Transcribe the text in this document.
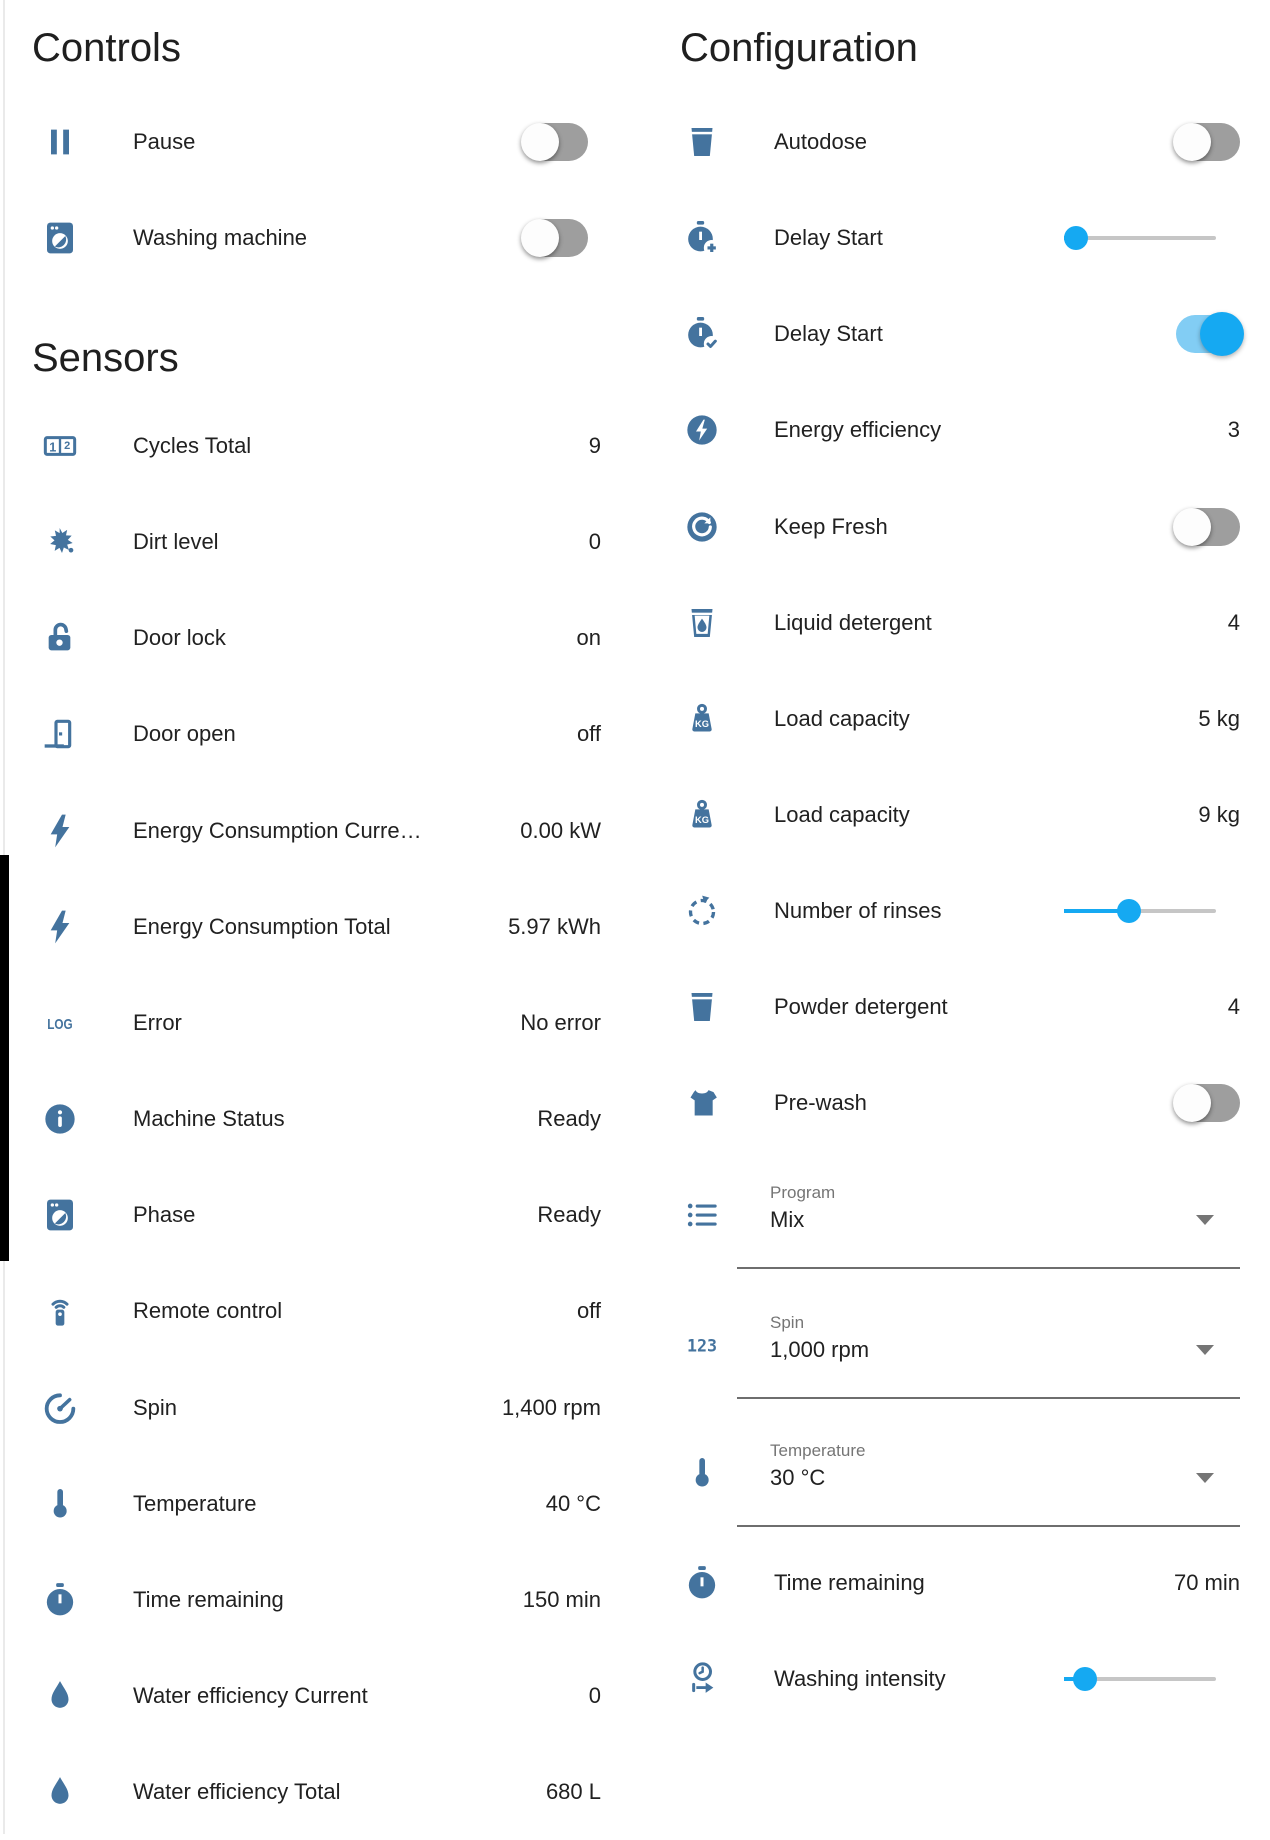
Controls
Sensors
Configuration
Pause
Washing machine
Cycles Total	9
Dirt level	0
Door lock	on
Door open	off
Energy Consumption Curre…	0.00 kW
Energy Consumption Total	5.97 kWh
Error	No error
Machine Status	Ready
Phase	Ready
Remote control	off
Spin	1,400 rpm
Temperature	40 °C
Time remaining	150 min
Water efficiency Current	0
Water efficiency Total	680 L
Autodose
Delay Start
Delay Start
Energy efficiency	3
Keep Fresh
Liquid detergent	4
Load capacity	5 kg
Load capacity	9 kg
Number of rinses
Powder detergent	4
Pre-wash
Program
Mix
Spin
1,000 rpm
Temperature
30 °C
Time remaining	70 min
Washing intensity
